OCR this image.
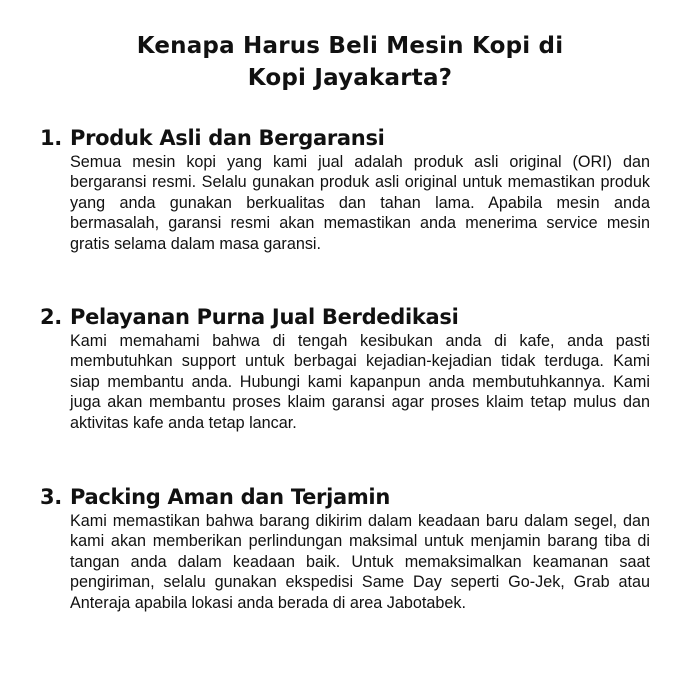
Kenapa Harus Beli Mesin Kopi di
Kopi Jayakarta?
1. Produk Asli dan Bergaransi
Semua mesin kopi yang kami jual adalah produk asli original (ORI) dan bergaransi resmi. Selalu gunakan produk asli original untuk memastikan produk yang anda gunakan berkualitas dan tahan lama. Apabila mesin anda bermasalah, garansi resmi akan memastikan anda menerima service mesin gratis selama dalam masa garansi.
2. Pelayanan Purna Jual Berdedikasi
Kami memahami bahwa di tengah kesibukan anda di kafe, anda pasti membutuhkan support untuk berbagai kejadian-kejadian tidak terduga. Kami siap membantu anda. Hubungi kami kapanpun anda membutuhkannya. Kami juga akan membantu proses klaim garansi agar proses klaim tetap mulus dan aktivitas kafe anda tetap lancar.
3. Packing Aman dan Terjamin
Kami memastikan bahwa barang dikirim dalam keadaan baru dalam segel, dan kami akan memberikan perlindungan maksimal untuk menjamin barang tiba di tangan anda dalam keadaan baik. Untuk memaksimalkan keamanan saat pengiriman, selalu gunakan ekspedisi Same Day seperti Go-Jek, Grab atau Anteraja apabila lokasi anda berada di area Jabotabek.
